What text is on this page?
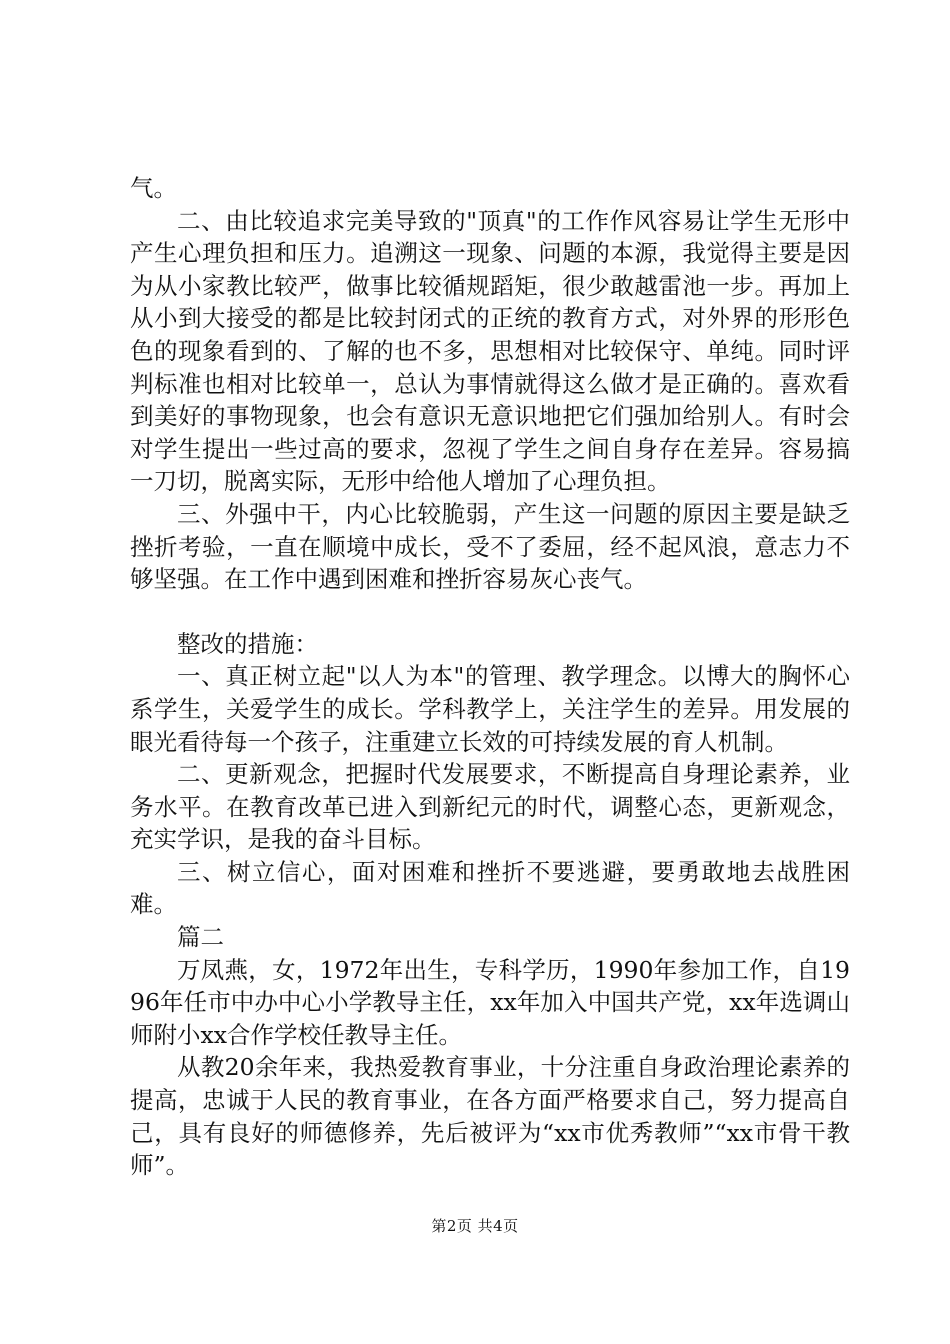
气。

二、由比较追求完美导致的"顶真"的工作作风容易让学生无形中产生心理负担和压力。追溯这一现象、问题的本源，我觉得主要是因为从小家教比较严，做事比较循规蹈矩，很少敢越雷池一步。再加上从小到大接受的都是比较封闭式的正统的教育方式，对外界的形形色色的现象看到的、了解的也不多，思想相对比较保守、单纯。同时评判标准也相对比较单一，总认为事情就得这么做才是正确的。喜欢看到美好的事物现象，也会有意识无意识地把它们强加给别人。有时会对学生提出一些过高的要求，忽视了学生之间自身存在差异。容易搞一刀切，脱离实际，无形中给他人增加了心理负担。

三、外强中干，内心比较脆弱，产生这一问题的原因主要是缺乏挫折考验，一直在顺境中成长，受不了委屈，经不起风浪，意志力不够坚强。在工作中遇到困难和挫折容易灰心丧气。

整改的措施：

一、真正树立起"以人为本"的管理、教学理念。以博大的胸怀心系学生，关爱学生的成长。学科教学上，关注学生的差异。用发展的眼光看待每一个孩子，注重建立长效的可持续发展的育人机制。

二、更新观念，把握时代发展要求，不断提高自身理论素养，业务水平。在教育改革已进入到新纪元的时代，调整心态，更新观念，充实学识，是我的奋斗目标。

三、树立信心，面对困难和挫折不要逃避，要勇敢地去战胜困难。

篇二

万凤燕，女，1972年出生，专科学历，1990年参加工作，自1996年任市中办中心小学教导主任，xx年加入中国共产党，xx年选调山师附小xx合作学校任教导主任。

从教20余年来，我热爱教育事业，十分注重自身政治理论素养的提高，忠诚于人民的教育事业，在各方面严格要求自己，努力提高自己，具有良好的师德修养，先后被评为“xx市优秀教师”“xx市骨干教师”。

第2页 共4页
